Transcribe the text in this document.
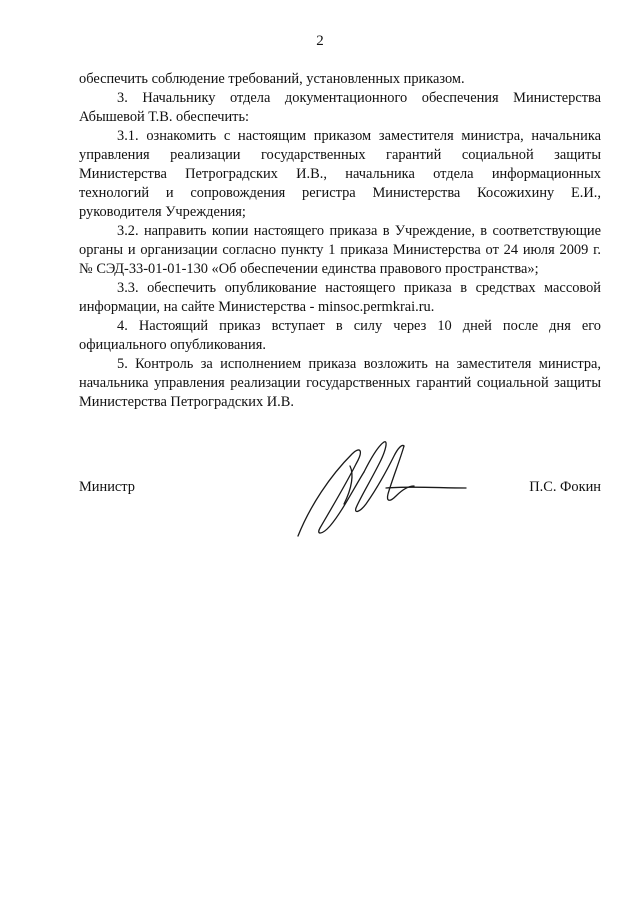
2

обеспечить соблюдение требований, установленных приказом.

3. Начальнику отдела документационного обеспечения Министерства Абышевой Т.В. обеспечить:

3.1. ознакомить с настоящим приказом заместителя министра, начальника управления реализации государственных гарантий социальной защиты Министерства Петроградских И.В., начальника отдела информационных технологий и сопровождения регистра Министерства Косожихину Е.И., руководителя Учреждения;

3.2. направить копии настоящего приказа в Учреждение, в соответствующие органы и организации согласно пункту 1 приказа Министерства от 24 июля 2009 г. № СЭД-33-01-01-130 «Об обеспечении единства правового пространства»;

3.3. обеспечить опубликование настоящего приказа в средствах массовой информации, на сайте Министерства - minsoc.permkrai.ru.

4. Настоящий приказ вступает в силу через 10 дней после дня его официального опубликования.

5. Контроль за исполнением приказа возложить на заместителя министра, начальника управления реализации государственных гарантий социальной защиты Министерства Петроградских И.В.

Министр	П.С. Фокин
